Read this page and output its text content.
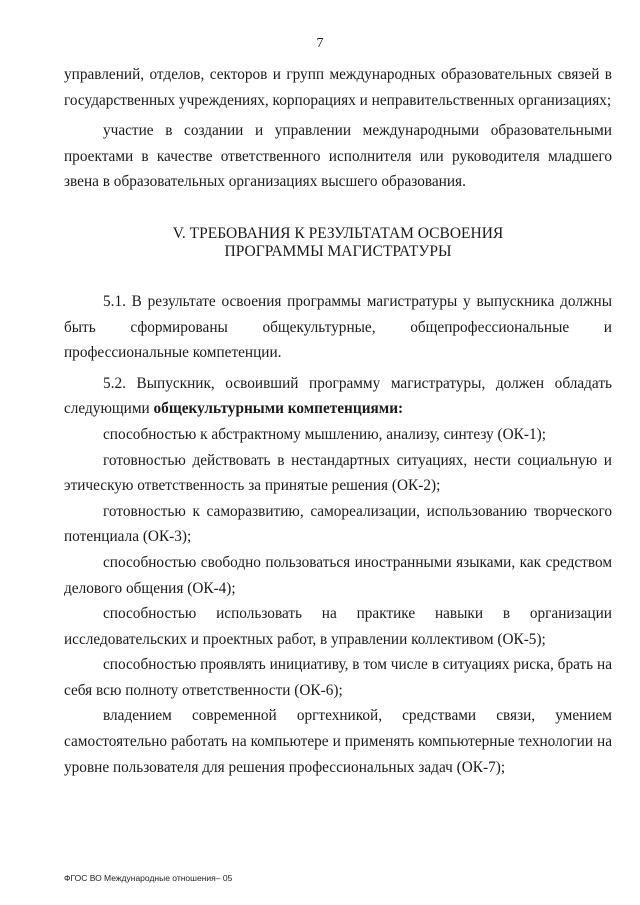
7

управлений, отделов, секторов и групп международных образовательных связей в государственных учреждениях, корпорациях и неправительственных организациях;

участие в создании и управлении международными образовательными проектами в качестве ответственного исполнителя или руководителя младшего звена в образовательных организациях высшего образования.

V. ТРЕБОВАНИЯ К РЕЗУЛЬТАТАМ ОСВОЕНИЯ
ПРОГРАММЫ МАГИСТРАТУРЫ

5.1. В результате освоения программы магистратуры у выпускника должны быть сформированы общекультурные, общепрофессиональные и профессиональные компетенции.

5.2. Выпускник, освоивший программу магистратуры, должен обладать следующими общекультурными компетенциями:

способностью к абстрактному мышлению, анализу, синтезу (ОК-1);

готовностью действовать в нестандартных ситуациях, нести социальную и этическую ответственность за принятые решения (ОК-2);

готовностью к саморазвитию, самореализации, использованию творческого потенциала (ОК-3);

способностью свободно пользоваться иностранными языками, как средством делового общения (ОК-4);

способностью использовать на практике навыки в организации исследовательских и проектных работ, в управлении коллективом (ОК-5);

способностью проявлять инициативу, в том числе в ситуациях риска, брать на себя всю полноту ответственности (ОК-6);

владением современной оргтехникой, средствами связи, умением самостоятельно работать на компьютере и применять компьютерные технологии на уровне пользователя для решения профессиональных задач (ОК-7);

ФГОС ВО Международные отношения– 05
